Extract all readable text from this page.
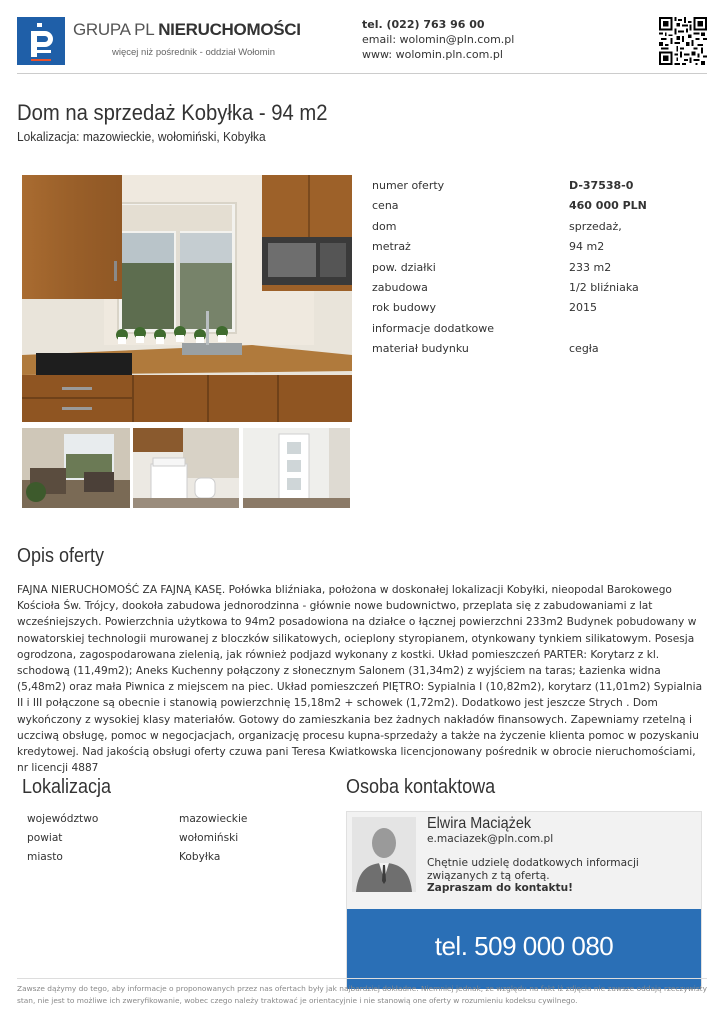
GRUPA PL NIERUCHOMOŚCI
więcej niż pośrednik - oddział Wołomin
tel. (022) 763 96 00
email: wolomin@pln.com.pl
www: wolomin.pln.com.pl
Dom na sprzedaż Kobyłka - 94 m2
Lokalizacja: mazowieckie, wołomiński, Kobyłka
numer oferty	D-37538-0
cena	460 000 PLN
dom	sprzedaż,
metraż	94 m2
pow. działki	233 m2
zabudowa	1/2 bliźniaka
rok budowy	2015
informacje dodatkowe
materiał budynku	cegła
Opis oferty

FAJNA NIERUCHOMOŚĆ ZA FAJNĄ KASĘ. Połówka bliźniaka, położona w doskonałej lokalizacji Kobyłki, nieopodal Barokowego Kościoła Św. Trójcy, dookoła zabudowa jednorodzinna - głównie nowe budownictwo, przeplata się z zabudowaniami z lat wcześniejszych. Powierzchnia użytkowa to 94m2 posadowiona na działce o łącznej powierzchni 233m2 Budynek pobudowany w nowatorskiej technologii murowanej z bloczków silikatowych, ocieplony styropianem, otynkowany tynkiem silikatowym. Posesja ogrodzona, zagospodarowana zielenią, jak również podjazd wykonany z kostki. Układ pomieszczeń PARTER: Korytarz z kl. schodową (11,49m2); Aneks Kuchenny połączony z słonecznym Salonem (31,34m2) z wyjściem na taras; Łazienka widna (5,48m2) oraz mała Piwnica z miejscem na piec. Układ pomieszczeń PIĘTRO: Sypialnia I (10,82m2), korytarz (11,01m2) Sypialnia II i III połączone są obecnie i stanowią powierzchnię 15,18m2 + schowek (1,72m2). Dodatkowo jest jeszcze Strych . Dom wykończony z wysokiej klasy materiałów. Gotowy do zamieszkania bez żadnych nakładów finansowych. Zapewniamy rzetelną i uczciwą obsługę, pomoc w negocjacjach, organizację procesu kupna-sprzedaży a także na życzenie klienta pomoc w pozyskaniu kredytowej. Nad jakością obsługi oferty czuwa pani Teresa Kwiatkowska licencjonowany pośrednik w obrocie nieruchomościami, nr licencji 4887

Lokalizacja
województwo	mazowieckie
powiat	wołomiński
miasto	Kobyłka
Osoba kontaktowa
Elwira Maciążek
e.maciazek@pln.com.pl
Chętnie udzielę dodatkowych informacji związanych z tą ofertą.
Zapraszam do kontaktu!
tel. 509 000 080

Zawsze dążymy do tego, aby informacje o proponowanych przez nas ofertach były jak najbardziej dokładne. Niemniej jednak, ze względu na fakt iż zdjęcia nie zawsze oddają rzeczywisty stan, nie jest to możliwe ich zweryfikowanie, wobec czego należy traktować je orientacyjnie i nie stanowią one oferty w rozumieniu kodeksu cywilnego.
